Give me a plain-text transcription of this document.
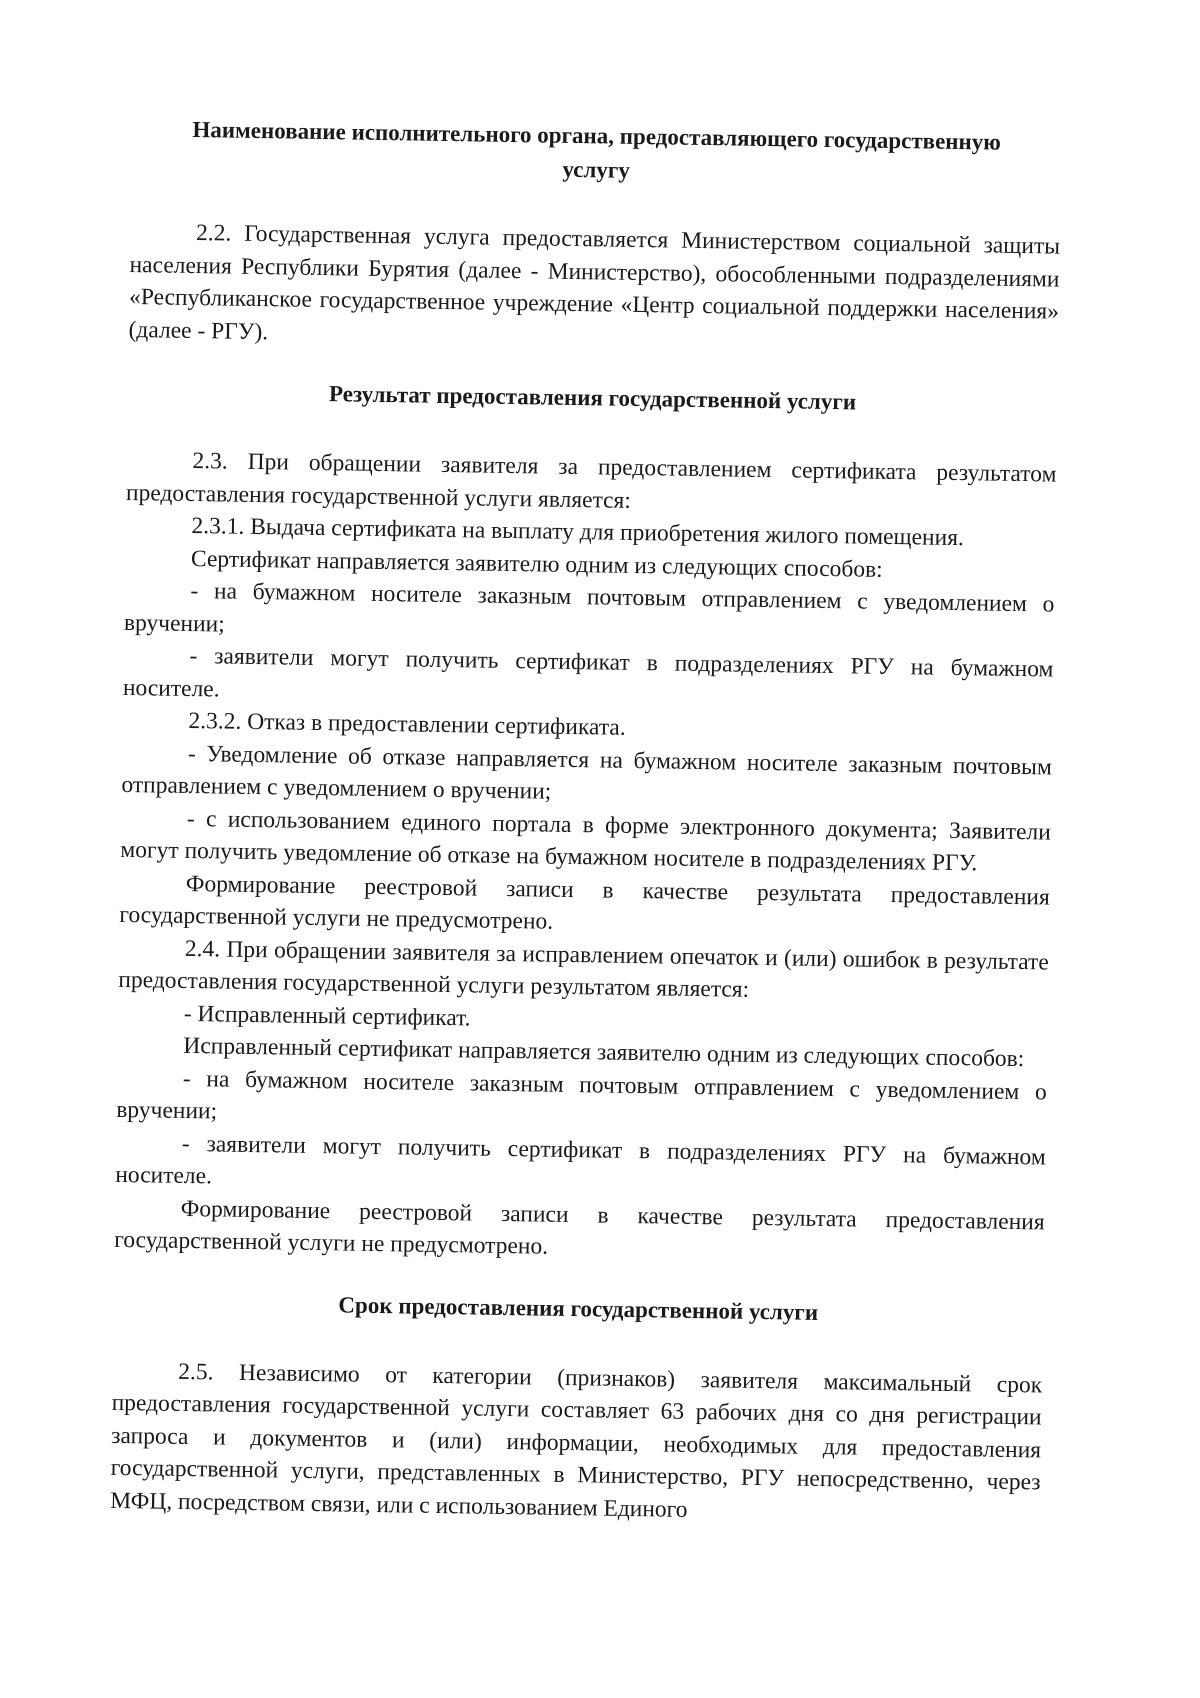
Наименование исполнительного органа, предоставляющего государственную услугу

2.2. Государственная услуга предоставляется Министерством социальной защиты населения Республики Бурятия (далее - Министерство), обособленными подразделениями «Республиканское государственное учреждение «Центр социальной поддержки населения» (далее - РГУ).

Результат предоставления государственной услуги

2.3. При обращении заявителя за предоставлением сертификата результатом предоставления государственной услуги является:

2.3.1. Выдача сертификата на выплату для приобретения жилого помещения.

Сертификат направляется заявителю одним из следующих способов:

- на бумажном носителе заказным почтовым отправлением с уведомлением о вручении;

- заявители могут получить сертификат в подразделениях РГУ на бумажном носителе.

2.3.2. Отказ в предоставлении сертификата.

- Уведомление об отказе направляется на бумажном носителе заказным почтовым отправлением с уведомлением о вручении;

- с использованием единого портала в форме электронного документа; Заявители могут получить уведомление об отказе на бумажном носителе в подразделениях РГУ.

Формирование реестровой записи в качестве результата предоставления государственной услуги не предусмотрено.

2.4. При обращении заявителя за исправлением опечаток и (или) ошибок в результате предоставления государственной услуги результатом является:

- Исправленный сертификат.

Исправленный сертификат направляется заявителю одним из следующих способов:

- на бумажном носителе заказным почтовым отправлением с уведомлением о вручении;

- заявители могут получить сертификат в подразделениях РГУ на бумажном носителе.

Формирование реестровой записи в качестве результата предоставления государственной услуги не предусмотрено.

Срок предоставления государственной услуги

2.5. Независимо от категории (признаков) заявителя максимальный срок предоставления государственной услуги составляет 63 рабочих дня со дня регистрации запроса и документов и (или) информации, необходимых для предоставления государственной услуги, представленных в Министерство, РГУ непосредственно, через МФЦ, посредством связи, или с использованием Единого
